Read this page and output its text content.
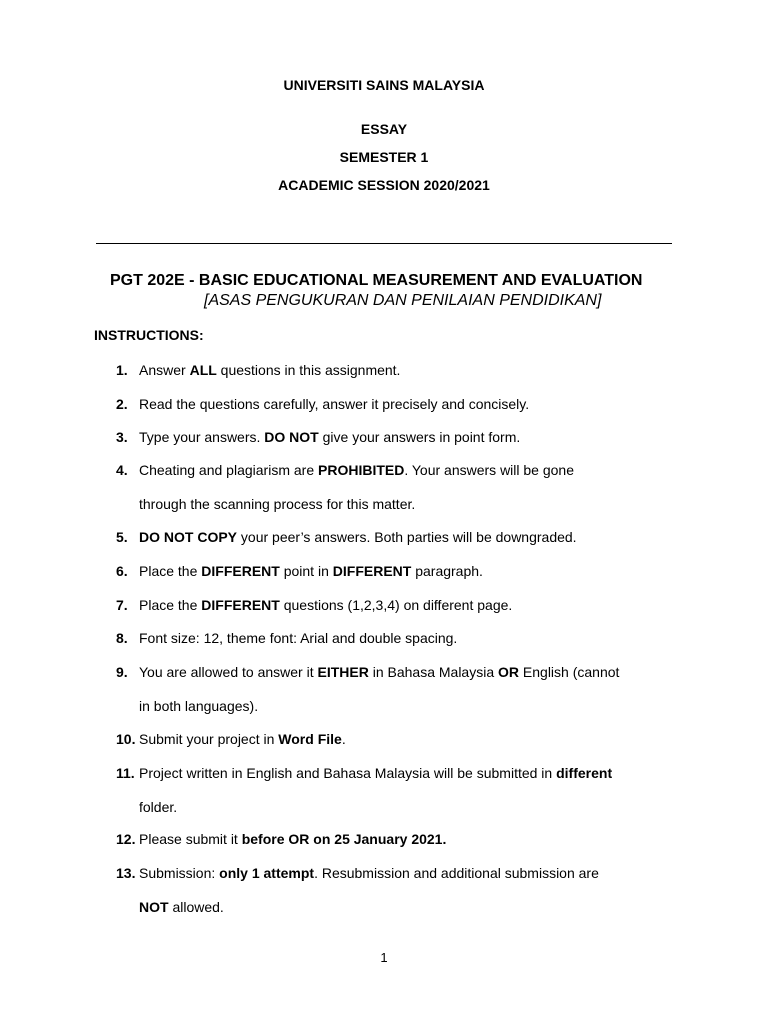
UNIVERSITI SAINS MALAYSIA
ESSAY
SEMESTER 1
ACADEMIC SESSION 2020/2021
PGT 202E - BASIC EDUCATIONAL MEASUREMENT AND EVALUATION
[ASAS PENGUKURAN DAN PENILAIAN PENDIDIKAN]
INSTRUCTIONS:
1. Answer ALL questions in this assignment.
2. Read the questions carefully, answer it precisely and concisely.
3. Type your answers. DO NOT give your answers in point form.
4. Cheating and plagiarism are PROHIBITED. Your answers will be gone
through the scanning process for this matter.
5. DO NOT COPY your peer’s answers. Both parties will be downgraded.
6. Place the DIFFERENT point in DIFFERENT paragraph.
7. Place the DIFFERENT questions (1,2,3,4) on different page.
8. Font size: 12, theme font: Arial and double spacing.
9. You are allowed to answer it EITHER in Bahasa Malaysia OR English (cannot
in both languages).
10. Submit your project in Word File.
11. Project written in English and Bahasa Malaysia will be submitted in different
folder.
12. Please submit it before OR on 25 January 2021.
13. Submission: only 1 attempt. Resubmission and additional submission are
NOT allowed.
1
